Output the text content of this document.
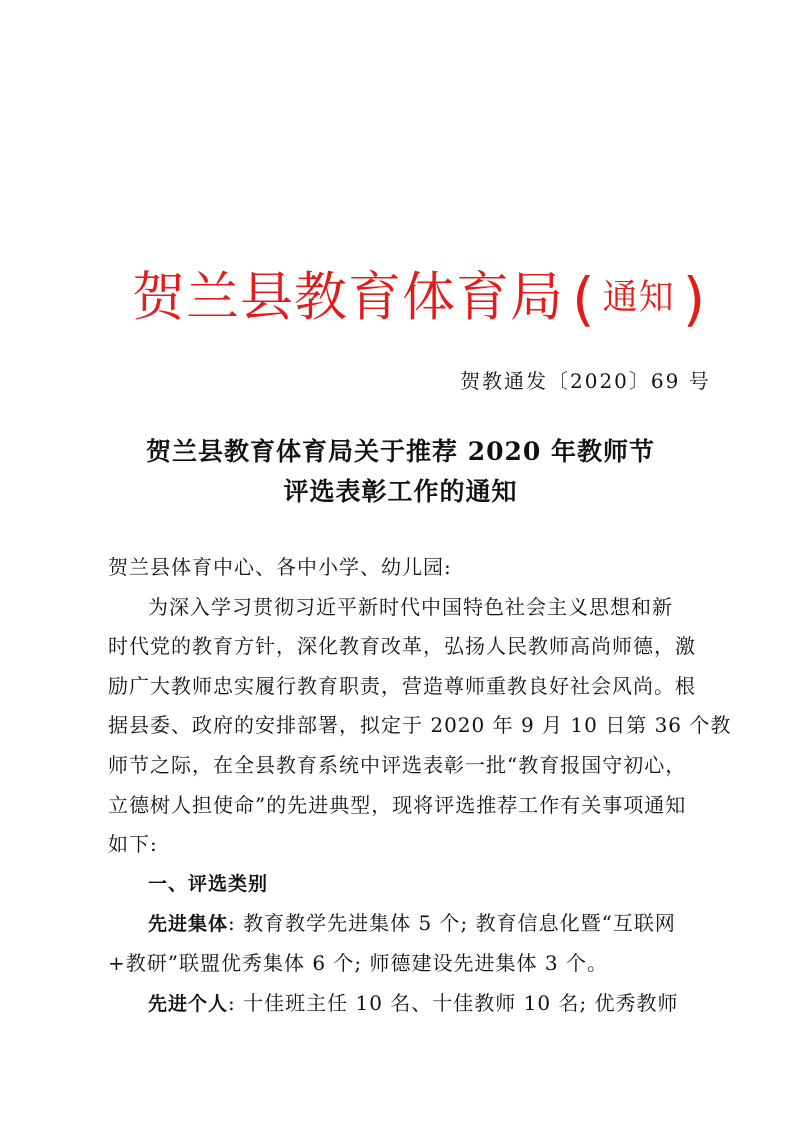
贺兰县教育体育局 ( 通知 )
贺教通发〔2020〕69 号
贺兰县教育体育局关于推荐 2020 年教师节
评选表彰工作的通知
贺兰县体育中心、各中小学、幼儿园:
为深入学习贯彻习近平新时代中国特色社会主义思想和新
时代党的教育方针，深化教育改革，弘扬人民教师高尚师德，激
励广大教师忠实履行教育职责，营造尊师重教良好社会风尚。根
据县委、政府的安排部署，拟定于 2020 年 9 月 10 日第 36 个教
师节之际，在全县教育系统中评选表彰一批“教育报国守初心，
立德树人担使命”的先进典型，现将评选推荐工作有关事项通知
如下:
一、评选类别
先进集体: 教育教学先进集体 5 个; 教育信息化暨“互联网
+教研”联盟优秀集体 6 个; 师德建设先进集体 3 个。
先进个人: 十佳班主任 10 名、十佳教师 10 名; 优秀教师
